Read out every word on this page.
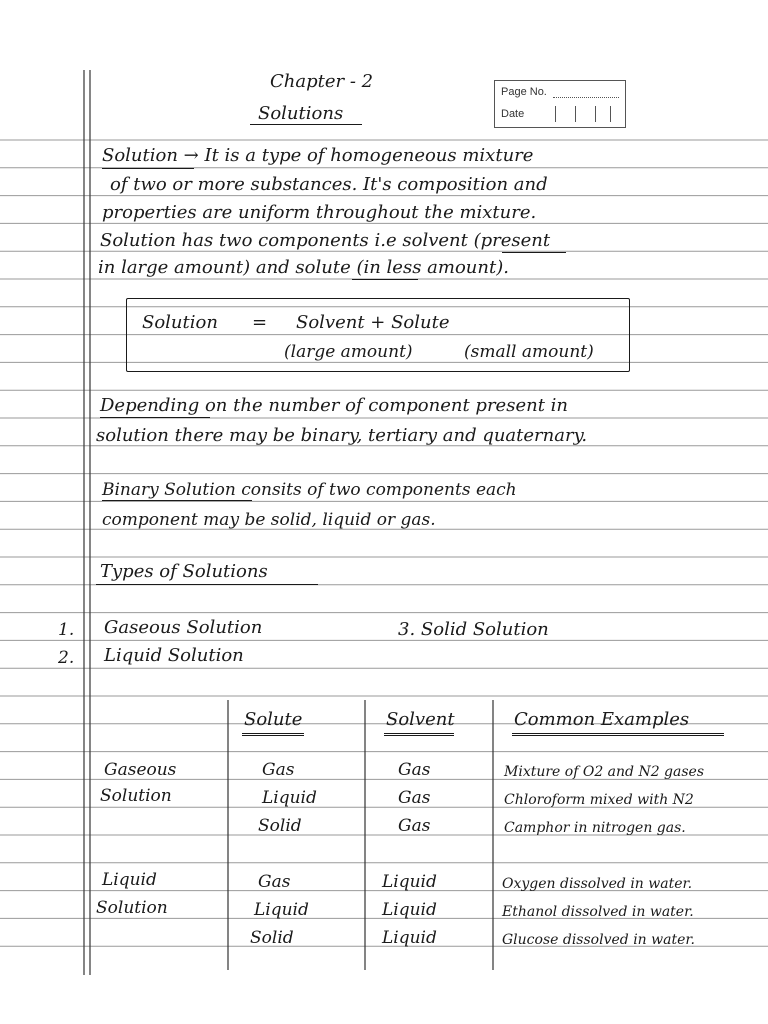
Chapter - 2
Solutions
Page No.
Date
Solution → It is a type of homogeneous mixture
of two or more substances. It's composition and
properties are uniform throughout the mixture.
Solution has two components i.e solvent (present
in large amount) and solute (in less amount).
Solution = Solvent + Solute
(large amount)	(small amount)
Depending on the number of component present in
solution there may be binary, tertiary and quaternary.
Binary Solution consits of two components each
component may be solid, liquid or gas.
Types of Solutions
1. Gaseous Solution	3. Solid Solution
2. Liquid Solution
Solute	Solvent	Common Examples
Gaseous
Solution
Gas	Gas	Mixture of O2 and N2 gases
Liquid	Gas	Chloroform mixed with N2
Solid	Gas	Camphor in nitrogen gas.
Liquid
Solution
Gas	Liquid	Oxygen dissolved in water.
Liquid	Liquid	Ethanol dissolved in water.
Solid	Liquid	Glucose dissolved in water.
